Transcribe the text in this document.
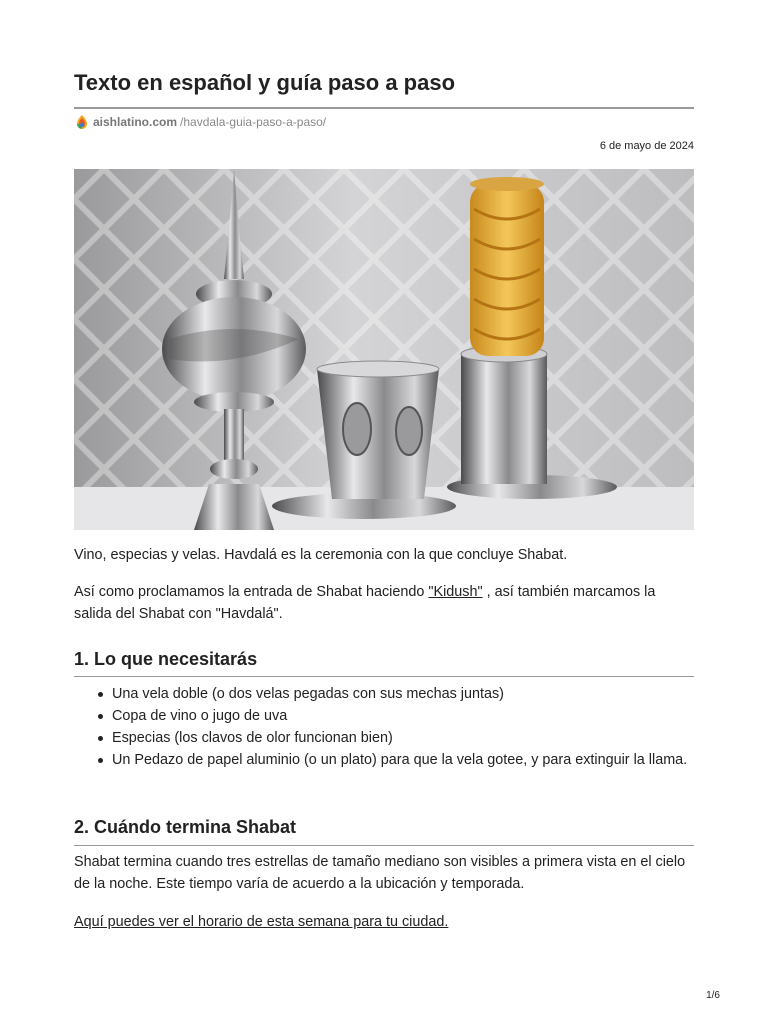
Texto en español y guía paso a paso
aishlatino.com /havdala-guia-paso-a-paso/
6 de mayo de 2024

Vino, especias y velas. Havdalá es la ceremonia con la que concluye Shabat.

Así como proclamamos la entrada de Shabat haciendo "Kidush" , así también marcamos la salida del Shabat con "Havdalá".

1. Lo que necesitarás
Una vela doble (o dos velas pegadas con sus mechas juntas)
Copa de vino o jugo de uva
Especias (los clavos de olor funcionan bien)
Un Pedazo de papel aluminio (o un plato) para que la vela gotee, y para extinguir la llama.
2. Cuándo termina Shabat

Shabat termina cuando tres estrellas de tamaño mediano son visibles a primera vista en el cielo de la noche. Este tiempo varía de acuerdo a la ubicación y temporada.

Aquí puedes ver el horario de esta semana para tu ciudad.

1/6
